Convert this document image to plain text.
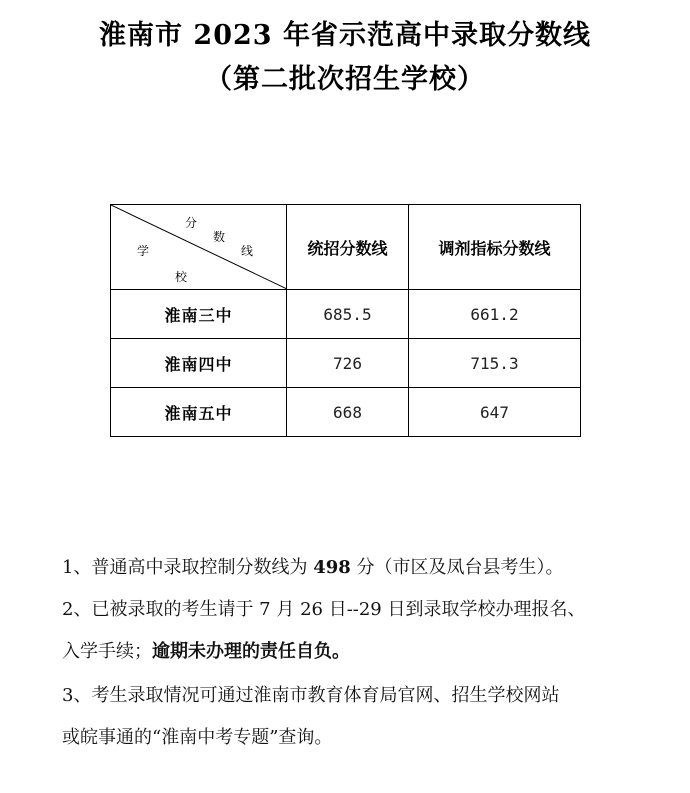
淮南市 2023 年省示范高中录取分数线
（第二批次招生学校）
分
数
线
学
校	统招分数线	调剂指标分数线
淮南三中	685.5	661.2
淮南四中	726	715.3
淮南五中	668	647
1、普通高中录取控制分数线为 498 分（市区及凤台县考生）。
2、已被录取的考生请于 7 月 26 日--29 日到录取学校办理报名、
入学手续；逾期未办理的责任自负。
3、考生录取情况可通过淮南市教育体育局官网、招生学校网站
或皖事通的“淮南中考专题”查询。
